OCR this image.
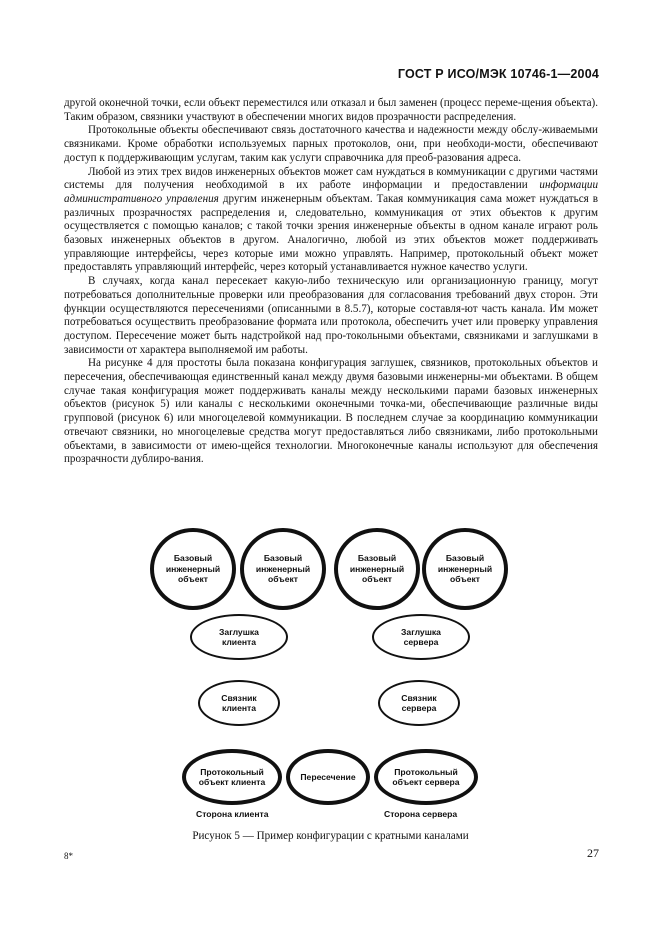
ГОСТ Р ИСО/МЭК 10746-1—2004

другой оконечной точки, если объект переместился или отказал и был заменен (процесс переме-щения объекта). Таким образом, связники участвуют в обеспечении многих видов прозрачности распределения.

Протокольные объекты обеспечивают связь достаточного качества и надежности между обслу-живаемыми связниками. Кроме обработки используемых парных протоколов, они, при необходи-мости, обеспечивают доступ к поддерживающим услугам, таким как услуги справочника для преоб-разования адреса.

Любой из этих трех видов инженерных объектов может сам нуждаться в коммуникации с другими частями системы для получения необходимой в их работе информации и предоставлении информации административного управления другим инженерным объектам. Такая коммуникация сама может нуждаться в различных прозрачностях распределения и, следовательно, коммуникация от этих объектов к другим осуществляется с помощью каналов; с такой точки зрения инженерные объекты в одном канале играют роль базовых инженерных объектов в другом. Аналогично, любой из этих объектов может поддерживать управляющие интерфейсы, через которые ими можно управлять. Например, протокольный объект может предоставлять управляющий интерфейс, через который устанавливается нужное качество услуги.

В случаях, когда канал пересекает какую-либо техническую или организационную границу, могут потребоваться дополнительные проверки или преобразования для согласования требований двух сторон. Эти функции осуществляются пересечениями (описанными в 8.5.7), которые составля-ют часть канала. Им может потребоваться осуществить преобразование формата или протокола, обеспечить учет или проверку управления доступом. Пересечение может быть надстройкой над про-токольными объектами, связниками и заглушками в зависимости от характера выполняемой им работы.

На рисунке 4 для простоты была показана конфигурация заглушек, связников, протокольных объектов и пересечения, обеспечивающая единственный канал между двумя базовыми инженерны-ми объектами. В общем случае такая конфигурация может поддерживать каналы между несколькими парами базовых инженерных объектов (рисунок 5) или каналы с несколькими оконечными точка-ми, обеспечивающие различные виды групповой (рисунок 6) или многоцелевой коммуникации. В последнем случае за координацию коммуникации отвечают связники, но многоцелевые средства могут предоставляться либо связниками, либо протокольными объектами, в зависимости от имею-щейся технологии. Многоконечные каналы используют для обеспечения прозрачности дублиро-вания.

Базовый
инженерный
объект
Базовый
инженерный
объект
Базовый
инженерный
объект
Базовый
инженерный
объект
Заглушка
клиента
Заглушка
сервера
Связник
клиента
Связник
сервера
Протокольный
объект клиента
Пересечение
Протокольный
объект сервера
Сторона клиента	Сторона сервера
Рисунок 5 — Пример конфигурации с кратными каналами
8*	27
